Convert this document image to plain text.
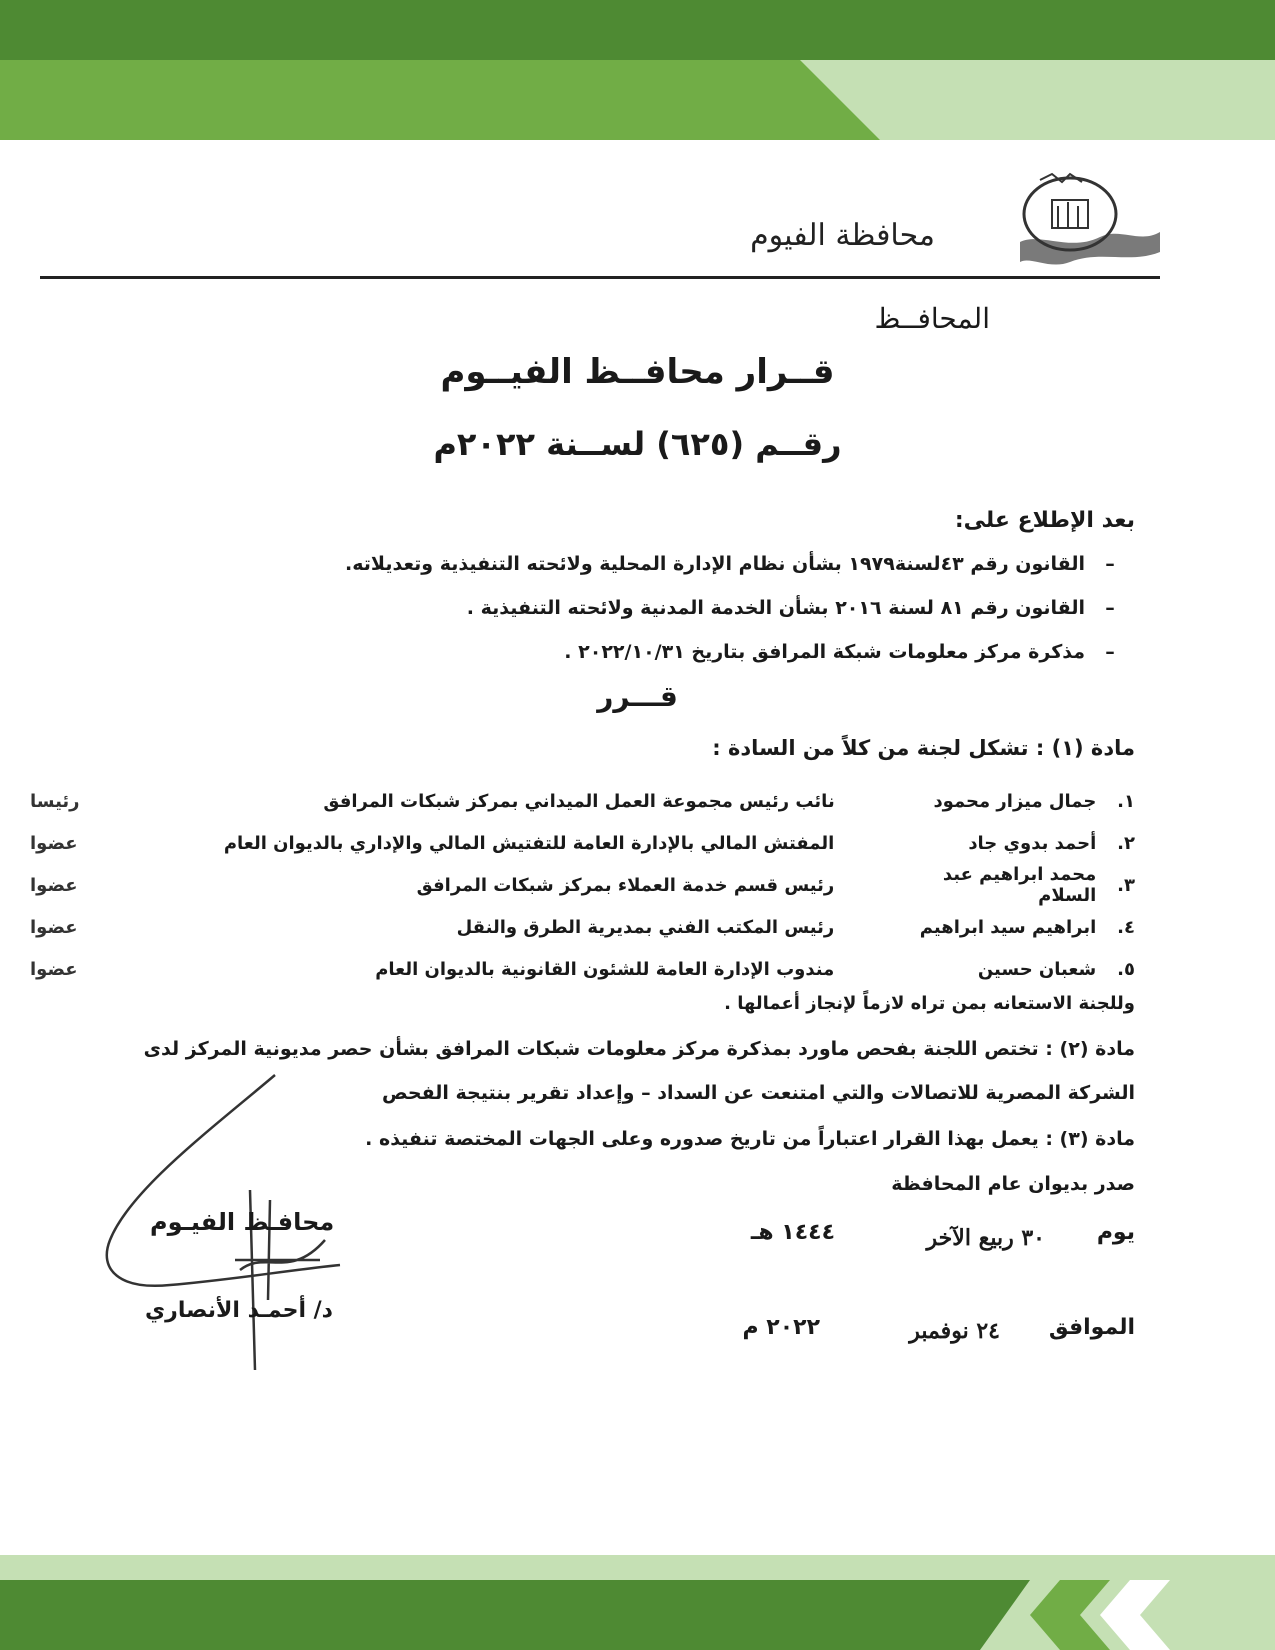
محافظة الفيوم
المحافــظ
قــرار محافــظ الفيــوم
رقــم (٦٢٥) لســنة ٢٠٢٢م
بعد الإطلاع على:
–
القانون رقم ٤٣لسنة١٩٧٩ بشأن نظام الإدارة المحلية ولائحته التنفيذية وتعديلاته.
–
القانون رقم ٨١ لسنة ٢٠١٦ بشأن الخدمة المدنية ولائحته التنفيذية .
–
مذكرة مركز معلومات شبكة المرافق بتاريخ ٢٠٢٢/١٠/٣١ .
قـــرر
مادة (١) : تشكل لجنة من كلاً من السادة :
١.
جمال ميزار محمود
نائب رئيس مجموعة العمل الميداني بمركز شبكات المرافق
رئيسا
٢.
أحمد بدوي جاد
المفتش المالي بالإدارة العامة للتفتيش المالي والإداري بالديوان العام
عضوا
٣.
محمد ابراهيم عبد السلام
رئيس قسم خدمة العملاء بمركز شبكات المرافق
عضوا
٤.
ابراهيم سيد ابراهيم
رئيس المكتب الفني بمديرية الطرق والنقل
عضوا
٥.
شعبان حسين
مندوب الإدارة العامة للشئون القانونية بالديوان العام
عضوا
وللجنة الاستعانه بمن تراه لازماً لإنجاز أعمالها .
مادة (٢) : تختص اللجنة بفحص ماورد بمذكرة مركز معلومات شبكات المرافق بشأن حصر مديونية المركز لدى
الشركة المصرية للاتصالات والتي امتنعت عن السداد – وإعداد تقرير بنتيجة الفحص
مادة (٣) : يعمل بهذا القرار اعتباراً من تاريخ صدوره وعلى الجهات المختصة تنفيذه .
صدر بديوان عام المحافظة
يوم
٣٠ ربيع الآخر
١٤٤٤ هـ
الموافق
٢٤ نوفمبر
٢٠٢٢ م
محافـظ الفيـوم
د/ أحمـد الأنصاري
